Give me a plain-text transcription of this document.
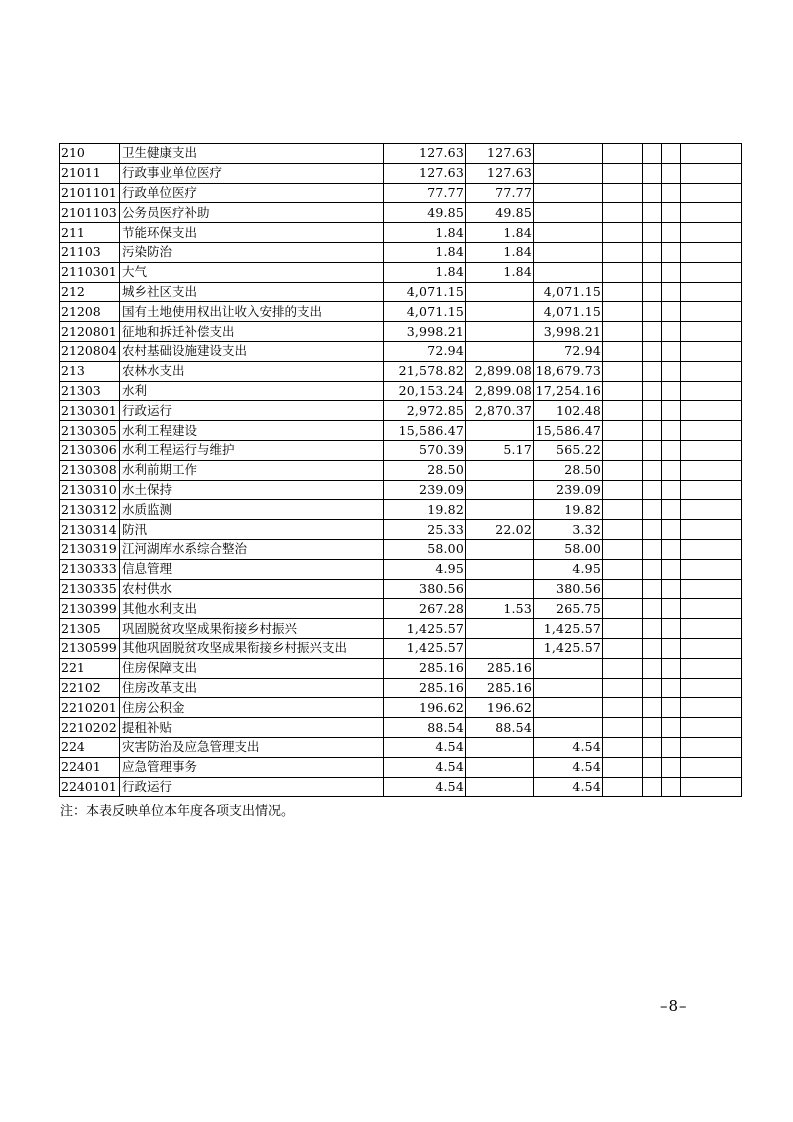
210	卫生健康支出	127.63	127.63					
21011	行政事业单位医疗	127.63	127.63					
2101101	行政单位医疗	77.77	77.77					
2101103	公务员医疗补助	49.85	49.85					
211	节能环保支出	1.84	1.84					
21103	污染防治	1.84	1.84					
2110301	大气	1.84	1.84					
212	城乡社区支出	4,071.15		4,071.15				
21208	国有土地使用权出让收入安排的支出	4,071.15		4,071.15				
2120801	征地和拆迁补偿支出	3,998.21		3,998.21				
2120804	农村基础设施建设支出	72.94		72.94				
213	农林水支出	21,578.82	2,899.08	18,679.73				
21303	水利	20,153.24	2,899.08	17,254.16				
2130301	行政运行	2,972.85	2,870.37	102.48				
2130305	水利工程建设	15,586.47		15,586.47				
2130306	水利工程运行与维护	570.39	5.17	565.22				
2130308	水利前期工作	28.50		28.50				
2130310	水土保持	239.09		239.09				
2130312	水质监测	19.82		19.82				
2130314	防汛	25.33	22.02	3.32				
2130319	江河湖库水系综合整治	58.00		58.00				
2130333	信息管理	4.95		4.95				
2130335	农村供水	380.56		380.56				
2130399	其他水利支出	267.28	1.53	265.75				
21305	巩固脱贫攻坚成果衔接乡村振兴	1,425.57		1,425.57				
2130599	其他巩固脱贫攻坚成果衔接乡村振兴支出	1,425.57		1,425.57				
221	住房保障支出	285.16	285.16					
22102	住房改革支出	285.16	285.16					
2210201	住房公积金	196.62	196.62					
2210202	提租补贴	88.54	88.54					
224	灾害防治及应急管理支出	4.54		4.54				
22401	应急管理事务	4.54		4.54				
2240101	行政运行	4.54		4.54				
注：本表反映单位本年度各项支出情况。
–8–
